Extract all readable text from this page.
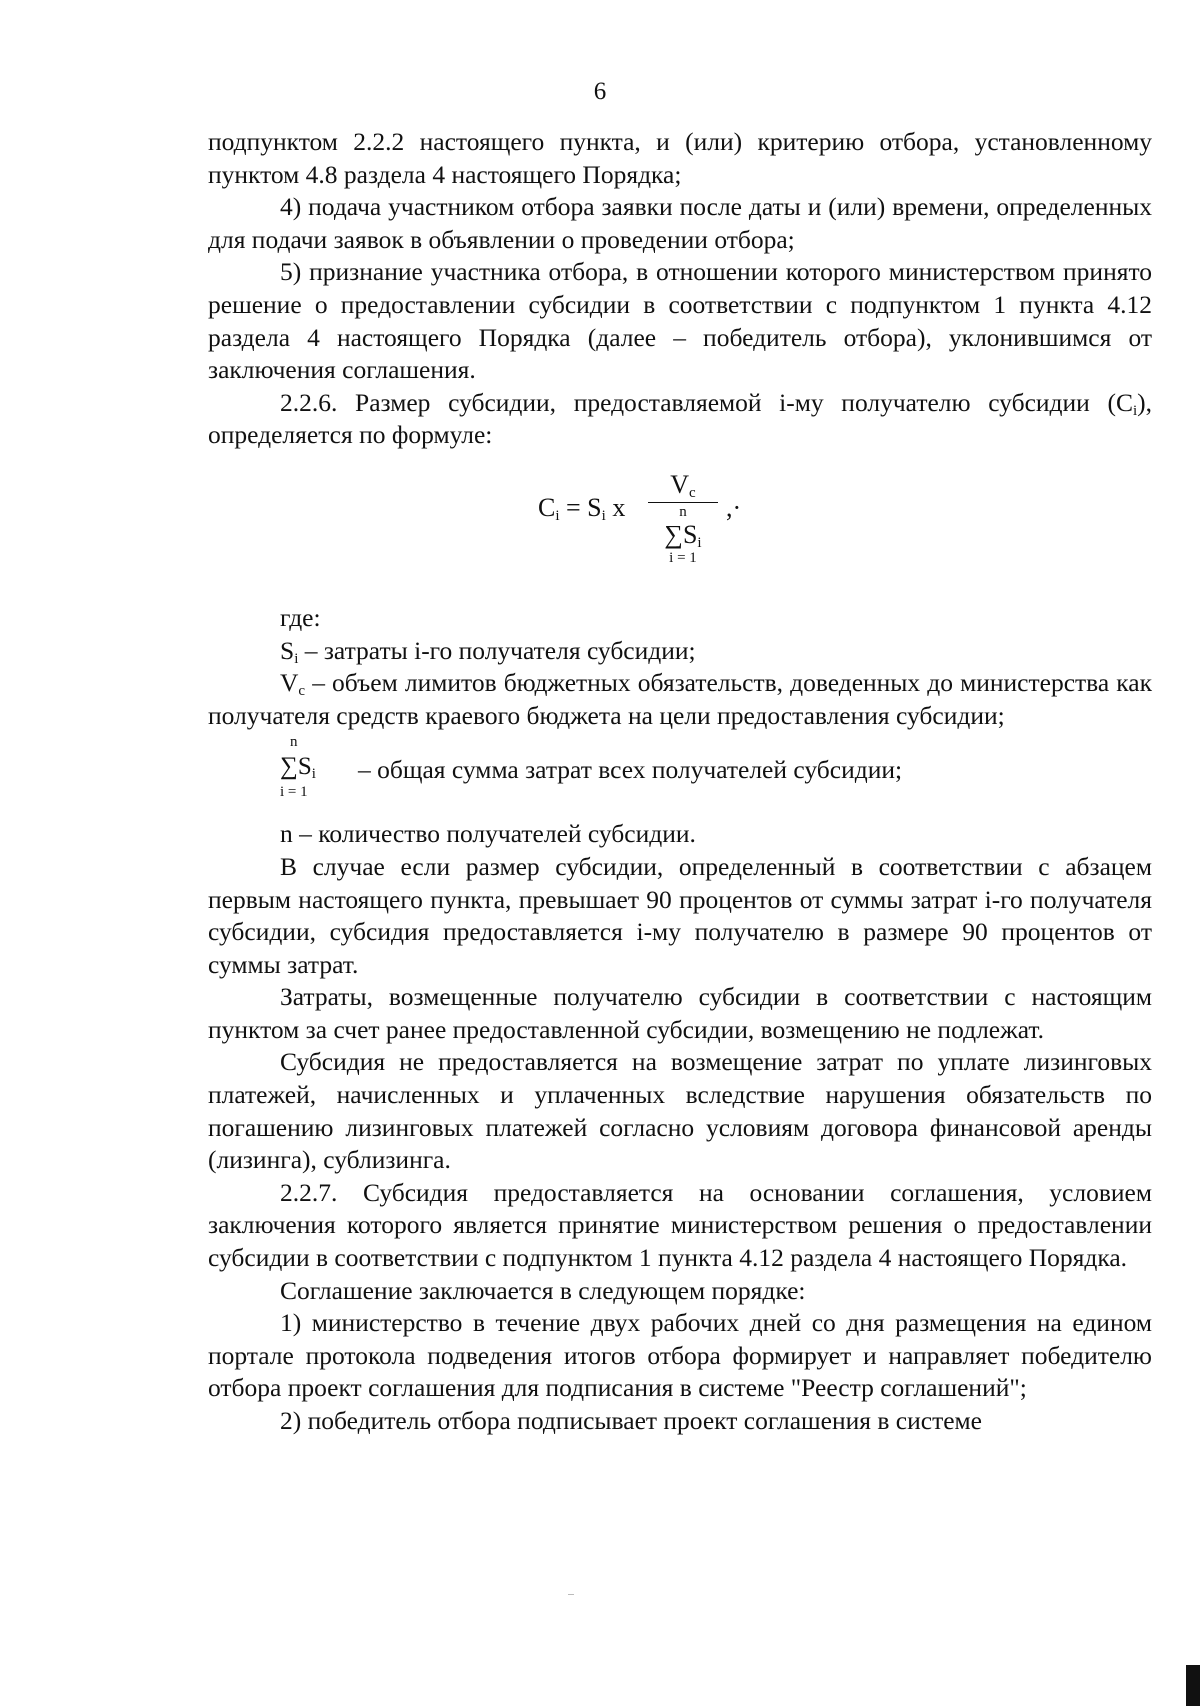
6

подпунктом 2.2.2 настоящего пункта, и (или) критерию отбора, установленному пунктом 4.8 раздела 4 настоящего Порядка;

4) подача участником отбора заявки после даты и (или) времени, определенных для подачи заявок в объявлении о проведении отбора;

5) признание участника отбора, в отношении которого министерством принято решение о предоставлении субсидии в соответствии с подпунктом 1 пункта 4.12 раздела 4 настоящего Порядка (далее – победитель отбора), уклонившимся от заключения соглашения.

2.2.6. Размер субсидии, предоставляемой i-му получателю субсидии $(C_i)$, определяется по формуле:

$C_i = S_i$ x
$V_c$
n
$\sum S_i$
i = 1
,·

где:

$S_i$ – затраты i-го получателя субсидии;

$V_c$ – объем лимитов бюджетных обязательств, доведенных до министерства как получателя средств краевого бюджета на цели предоставления субсидии;

n
$\sum S_i$
i = 1
– общая сумма затрат всех получателей субсидии;

n – количество получателей субсидии.

В случае если размер субсидии, определенный в соответствии с абзацем первым настоящего пункта, превышает 90 процентов от суммы затрат i-го получателя субсидии, субсидия предоставляется i-му получателю в размере 90 процентов от суммы затрат.

Затраты, возмещенные получателю субсидии в соответствии с настоящим пунктом за счет ранее предоставленной субсидии, возмещению не подлежат.

Субсидия не предоставляется на возмещение затрат по уплате лизинговых платежей, начисленных и уплаченных вследствие нарушения обязательств по погашению лизинговых платежей согласно условиям договора финансовой аренды (лизинга), сублизинга.

2.2.7. Субсидия предоставляется на основании соглашения, условием заключения которого является принятие министерством решения о предоставлении субсидии в соответствии с подпунктом 1 пункта 4.12 раздела 4 настоящего Порядка.

Соглашение заключается в следующем порядке:

1) министерство в течение двух рабочих дней со дня размещения на едином портале протокола подведения итогов отбора формирует и направляет победителю отбора проект соглашения для подписания в системе "Реестр соглашений";

2) победитель отбора подписывает проект соглашения в системе
